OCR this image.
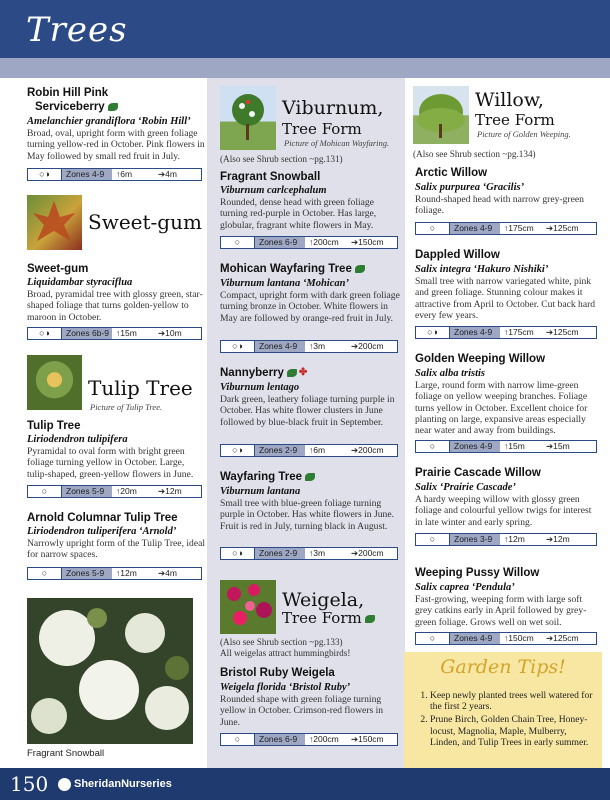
Trees
Robin Hill Pink
Serviceberry
Amelanchier grandiflora ‘Robin Hill’
Broad, oval, upright form with green foliage turning yellow-red in October. Pink flowers in May followed by small red fruit in July.
○◑	Zones 4-9	↑6m	➔4m
Sweet-gum
Sweet-gum
Liquidambar styraciflua
Broad, pyramidal tree with glossy green, star-shaped foliage that turns golden-yellow to maroon in October.
○◑	Zones 6b-9 ↑15m	➔10m
Tulip Tree
Picture of Tulip Tree.
Tulip Tree
Liriodendron tulipifera
Pyramidal to oval form with bright green foliage turning yellow in October. Large, tulip-shaped, green-yellow flowers in June.
○	Zones 5-9	↑20m	➔12m
Arnold Columnar Tulip Tree
Liriodendron tuliperifera ‘Arnold’
Narrowly upright form of the Tulip Tree, ideal for narrow spaces.
○	Zones 5-9	↑12m	➔4m
Fragrant Snowball
Viburnum,
Tree Form
Picture of Mohican Wayfaring.
(Also see Shrub section ~pg.131)
Fragrant Snowball
Viburnum carlcephalum
Rounded, dense head with green foliage turning red-purple in October. Has large, globular, fragrant white flowers in May.
○	Zones 6-9	↑200cm	➔150cm
Mohican Wayfaring Tree
Viburnum lantana ‘Mohican’
Compact, upright form with dark green foliage turning bronze in October. White flowers in May are followed by orange-red fruit in July.
○◑	Zones 4-9	↑3m	➔200cm
Nannyberry ✤
Viburnum lentago
Dark green, leathery foliage turning purple in October. Has white flower clusters in June followed by blue-black fruit in September.
○◑	Zones 2-9	↑6m	➔200cm
Wayfaring Tree
Viburnum lantana
Small tree with blue-green foliage turning purple in October. Has white flowers in June. Fruit is red in July, turning black in August.
○◑	Zones 2-9	↑3m	➔200cm
Weigela,
Tree Form
(Also see Shrub section ~pg.133)
All weigelas attract hummingbirds!
Bristol Ruby Weigela
Weigela florida ‘Bristol Ruby’
Rounded shape with green foliage turning yellow in October. Crimson-red flowers in June.
○	Zones 6-9	↑200cm	➔150cm
Willow,
Tree Form
Picture of Golden Weeping.
(Also see Shrub section ~pg.134)
Arctic Willow
Salix purpurea ‘Gracilis’
Round-shaped head with narrow grey-green foliage.
○	Zones 4-9	↑175cm	➔125cm
Dappled Willow
Salix integra ‘Hakuro Nishiki’
Small tree with narrow variegated white, pink and green foliage. Stunning colour makes it attractive from April to October. Cut back hard every few years.
○◑	Zones 4-9	↑175cm	➔125cm
Golden Weeping Willow
Salix alba tristis
Large, round form with narrow lime-green foliage on yellow weeping branches. Foliage turns yellow in October. Excellent choice for planting on large, expansive areas especially near water and away from buildings.
○	Zones 4-9	↑15m	➔15m
Prairie Cascade Willow
Salix ‘Prairie Cascade’
A hardy weeping willow with glossy green foliage and colourful yellow twigs for interest in late winter and early spring.
○	Zones 3-9	↑12m	➔12m
Weeping Pussy Willow
Salix caprea ‘Pendula’
Fast-growing, weeping form with large soft grey catkins early in April followed by grey-green foliage. Grows well on wet soil.
○	Zones 4-9	↑150cm	➔125cm
Garden Tips!
1. Keep newly planted trees well watered for the first 2 years.
2. Prune Birch, Golden Chain Tree, Honey-locust, Magnolia, Maple, Mulberry, Linden, and Tulip Trees in early summer.
150	SheridanNurseries
